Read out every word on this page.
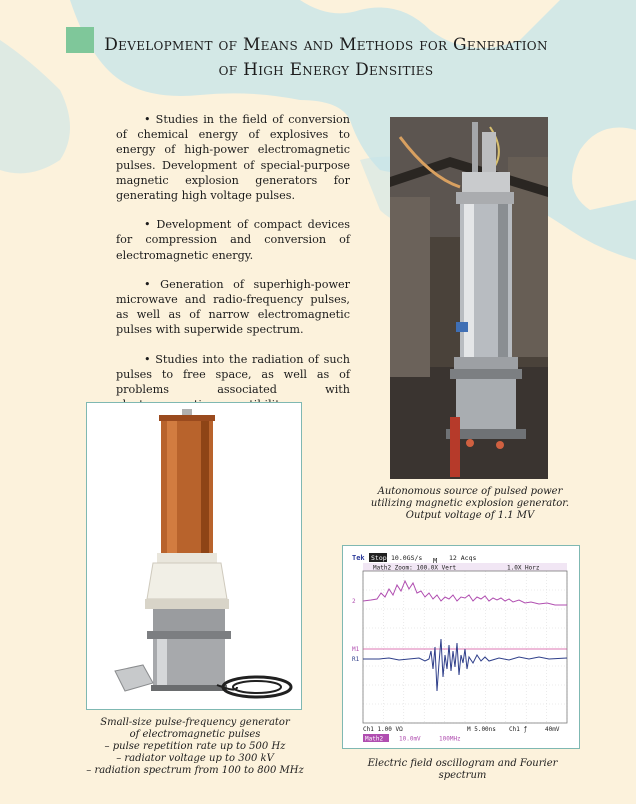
Development of Means and Methods for Generation
of High Energy Densities

• Studies in the field of conversion of chemical energy of explosives to energy of high-power electromagnetic pulses. Development of special-purpose magnetic explosion generators for generating high voltage pulses.

• Development of compact devices for compression and conversion of electromagnetic energy.

• Generation of superhigh-power microwave and radio-frequency pulses, as well as of narrow electromagnetic pulses with superwide spectrum.

• Studies into the radiation of such pulses to free space, as well as of problems associated with

Autonomous source of pulsed power
utilizing magnetic explosion generator.
Output voltage of 1.1 MV
Small-size pulse-frequency generator
of electromagnetic pulses
– pulse repetition rate up to 500 Hz
– radiator voltage up to 300 kV
– radiation spectrum from 100 to 800 MHz
Tek Stop 10.0GS/s	12 Acqs
Math2 Zoom: 100.0X Vert	1.0X Horz
M
2
M1
R1
Ch1 1.00 VΩ	M 5.00ns Ch1 ƒ	40mV
Math2	10.0mV	100MHz
Electric field oscillogram and Fourier
spectrum
